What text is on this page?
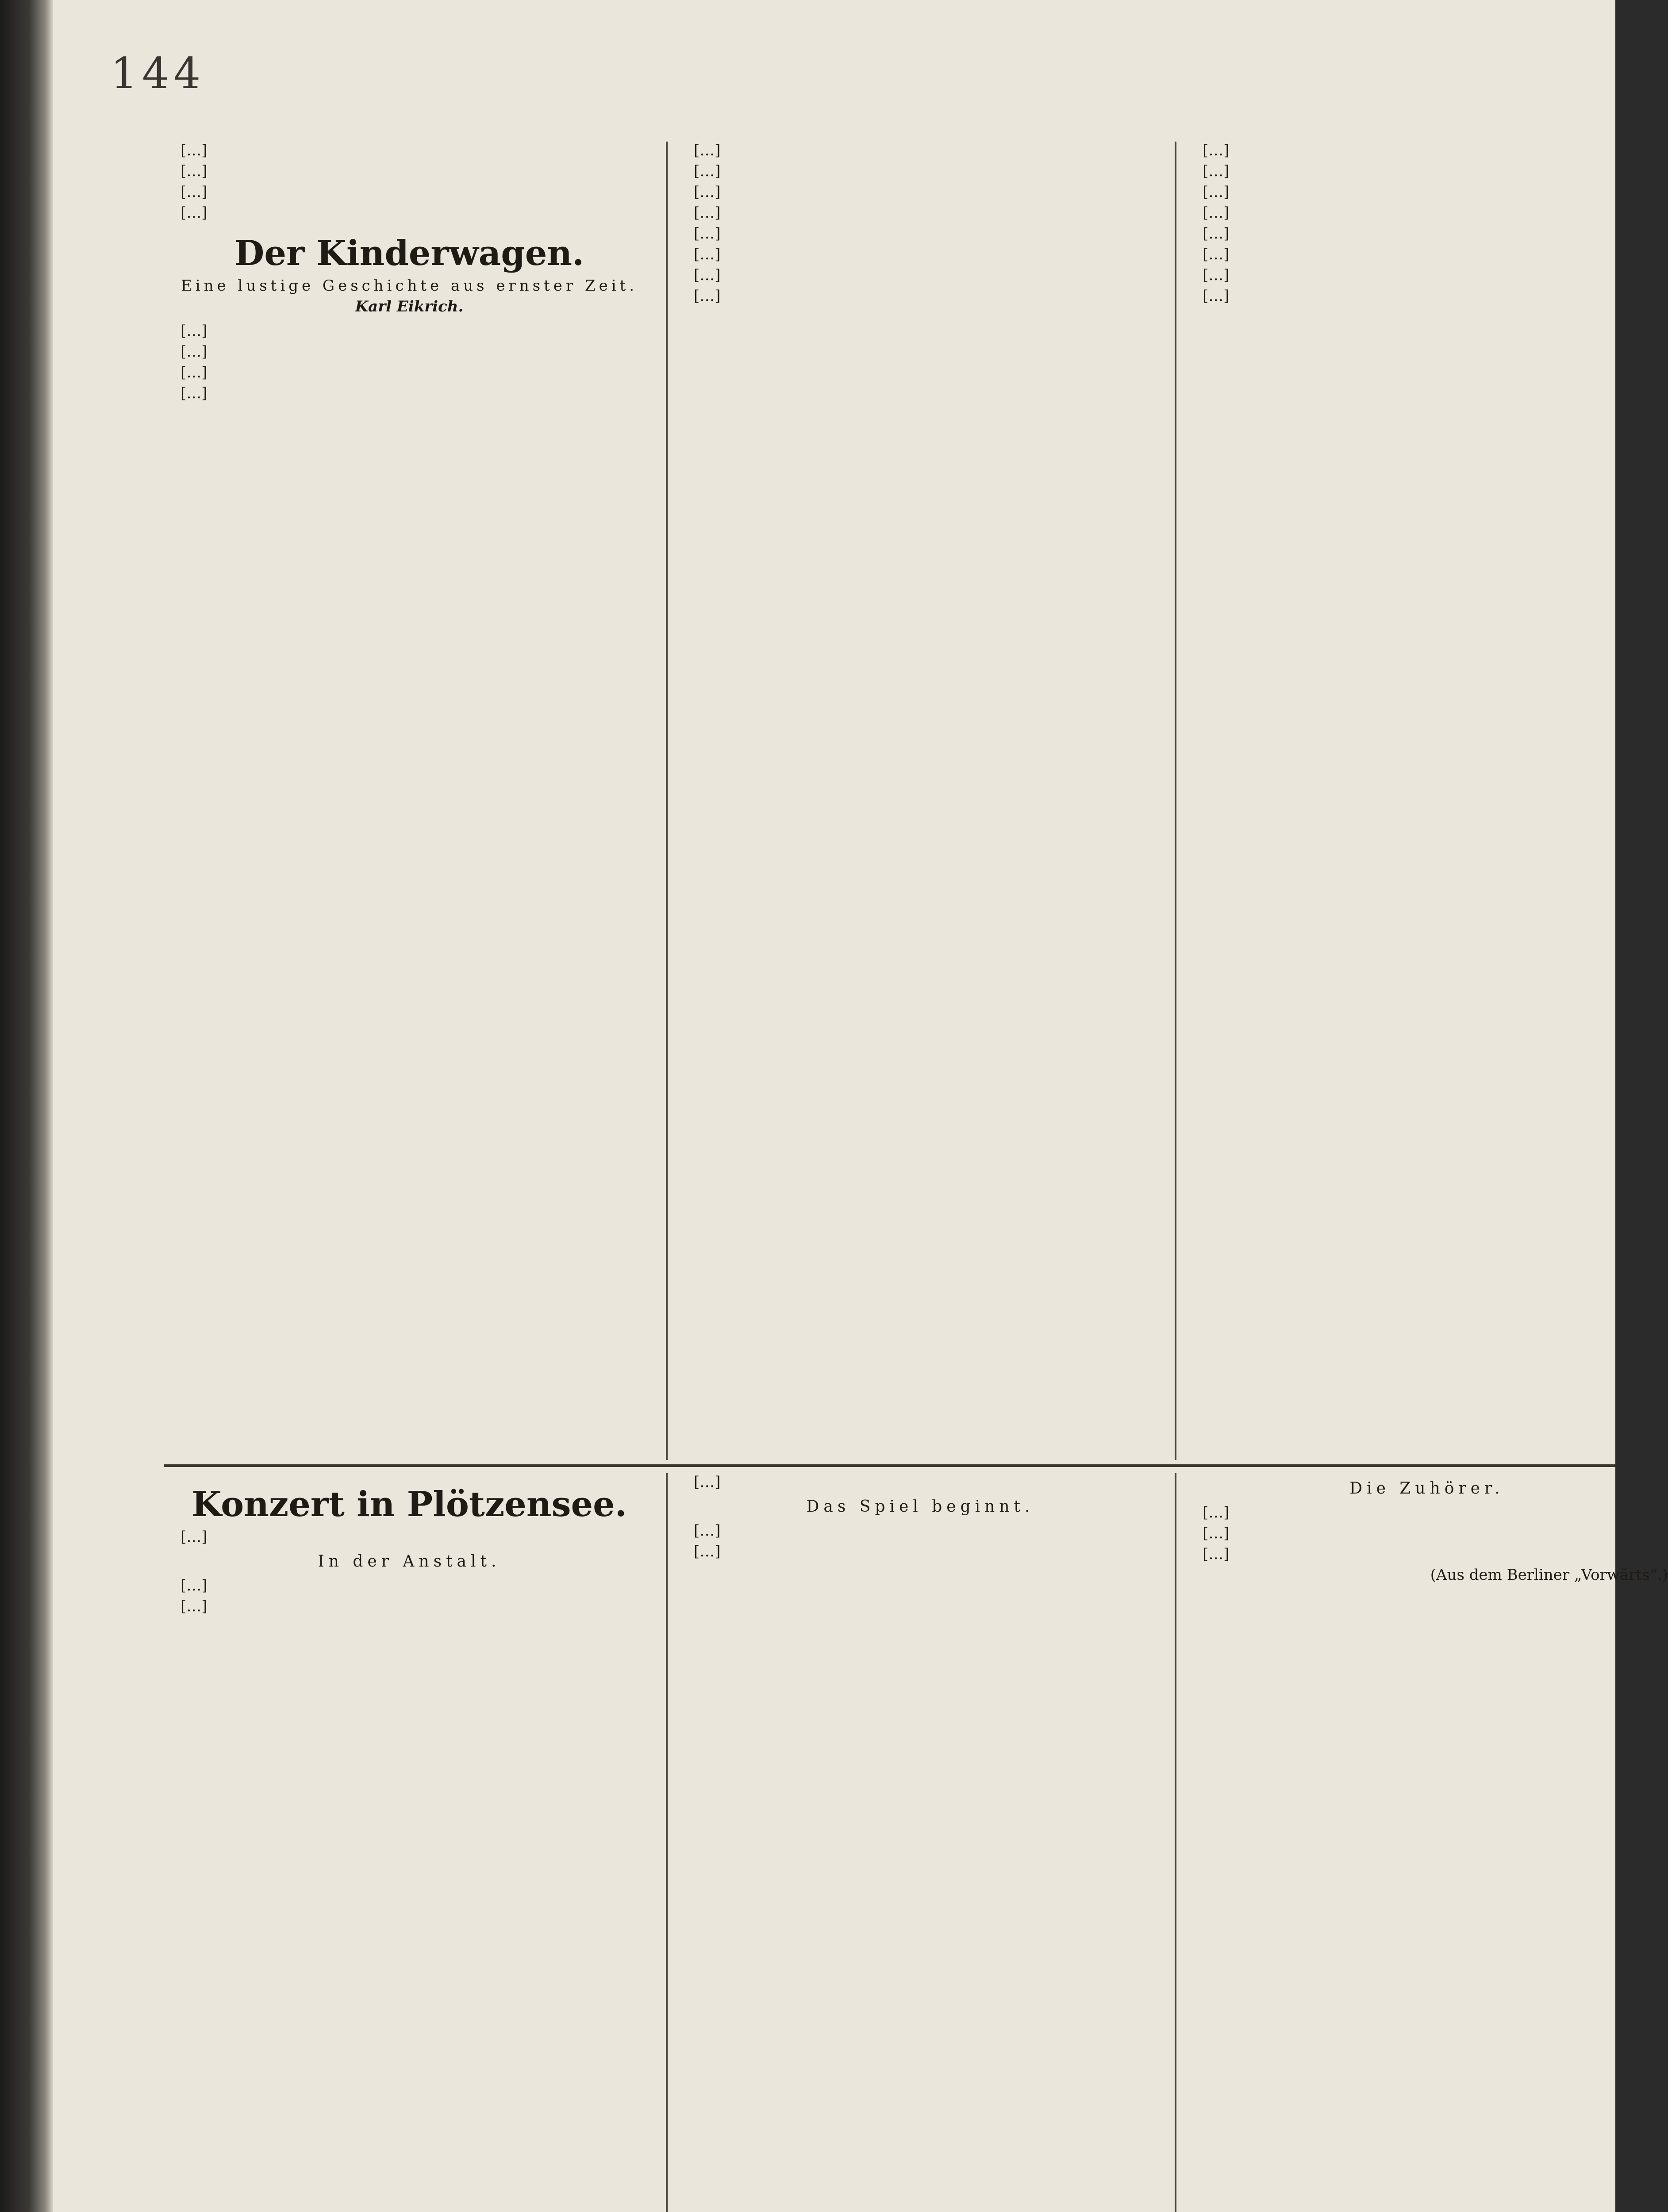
144

[…]

[…]

[…]

[…]

Der Kinderwagen.
Eine lustige Geschichte aus ernster Zeit.
Karl Eikrich.

[…]

[…]

[…]

[…]

[…]

[…]

[…]

[…]

[…]

[…]

[…]

[…]

[…]

[…]

[…]

[…]

[…]

[…]

[…]

[…]

Konzert in Plötzensee.

[…]

In der Anstalt.

[…]

[…]

[…]

Das Spiel beginnt.

[…]

[…]

Die Zuhörer.

[…]

[…]

[…]

(Aus dem Berliner „Vorwärts“.)
